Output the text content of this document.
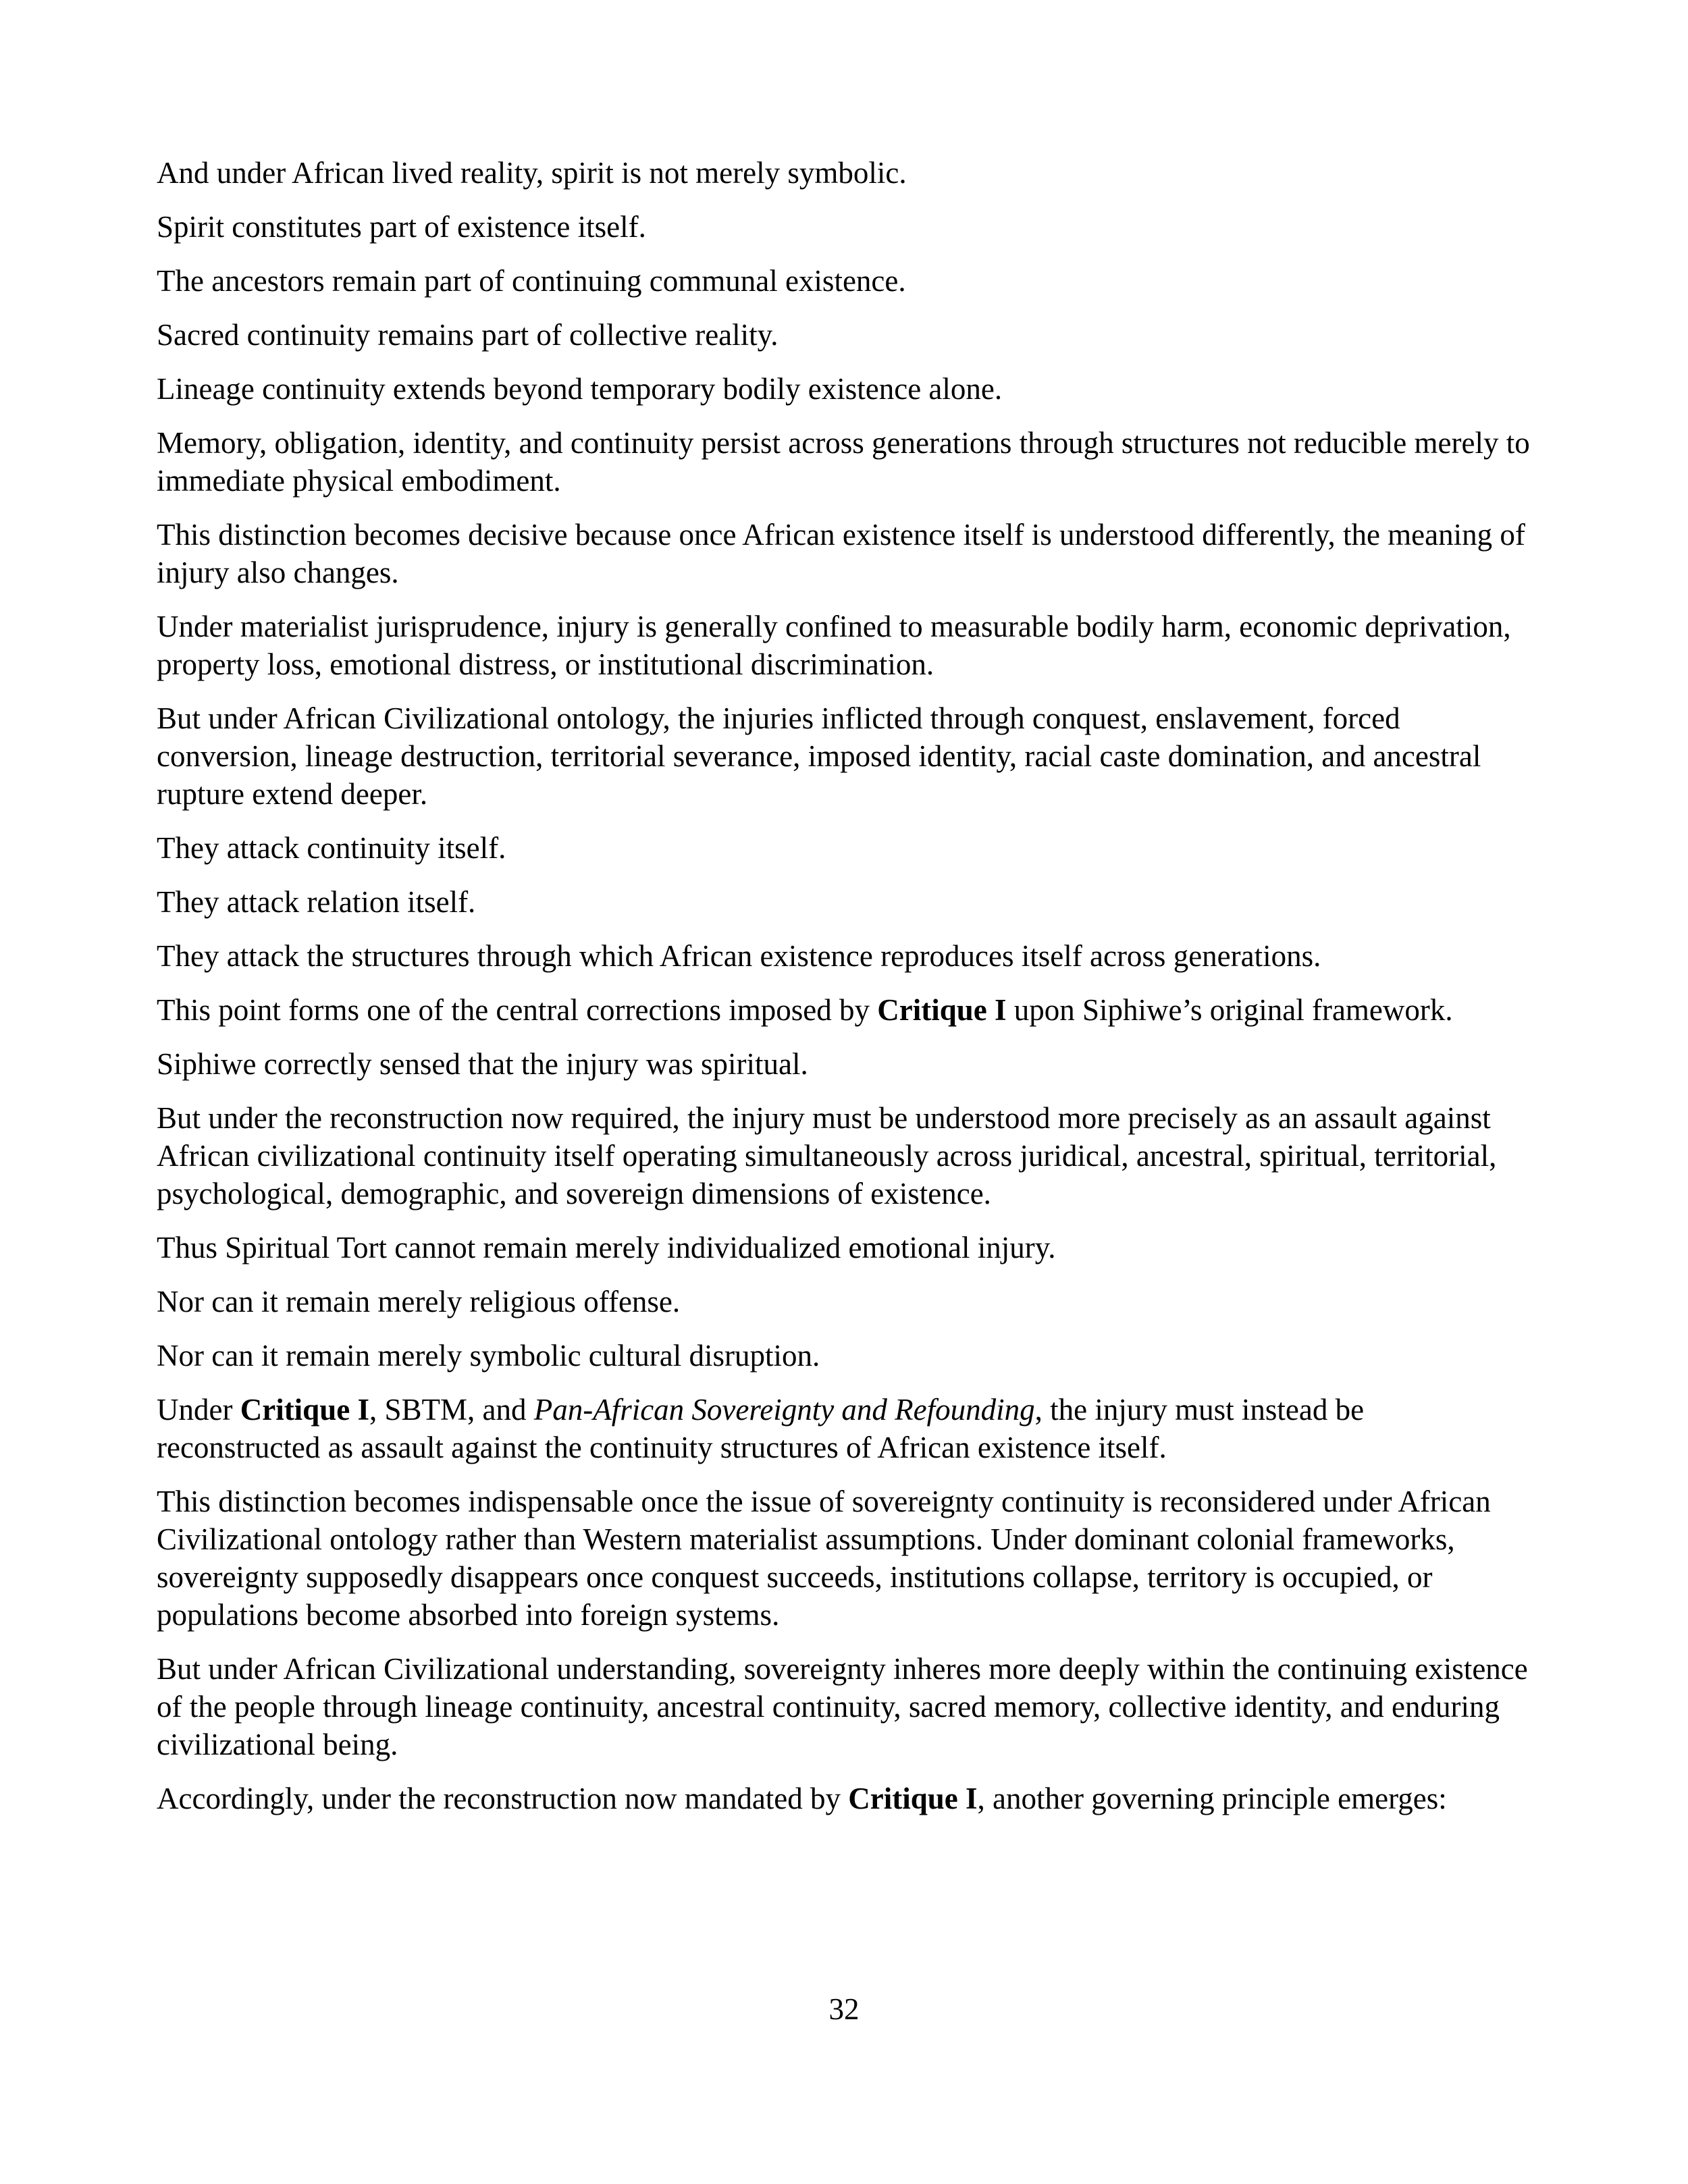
And under African lived reality, spirit is not merely symbolic.

Spirit constitutes part of existence itself.

The ancestors remain part of continuing communal existence.

Sacred continuity remains part of collective reality.

Lineage continuity extends beyond temporary bodily existence alone.

Memory, obligation, identity, and continuity persist across generations through structures not reducible merely to immediate physical embodiment.

This distinction becomes decisive because once African existence itself is understood differently, the meaning of injury also changes.

Under materialist jurisprudence, injury is generally confined to measurable bodily harm, economic deprivation, property loss, emotional distress, or institutional discrimination.

But under African Civilizational ontology, the injuries inflicted through conquest, enslavement, forced conversion, lineage destruction, territorial severance, imposed identity, racial caste domination, and ancestral rupture extend deeper.

They attack continuity itself.

They attack relation itself.

They attack the structures through which African existence reproduces itself across generations.

This point forms one of the central corrections imposed by Critique I upon Siphiwe’s original framework.

Siphiwe correctly sensed that the injury was spiritual.

But under the reconstruction now required, the injury must be understood more precisely as an assault against African civilizational continuity itself operating simultaneously across juridical, ancestral, spiritual, territorial, psychological, demographic, and sovereign dimensions of existence.

Thus Spiritual Tort cannot remain merely individualized emotional injury.

Nor can it remain merely religious offense.

Nor can it remain merely symbolic cultural disruption.

Under Critique I, SBTM, and Pan-African Sovereignty and Refounding, the injury must instead be reconstructed as assault against the continuity structures of African existence itself.

This distinction becomes indispensable once the issue of sovereignty continuity is reconsidered under African Civilizational ontology rather than Western materialist assumptions. Under dominant colonial frameworks, sovereignty supposedly disappears once conquest succeeds, institutions collapse, territory is occupied, or populations become absorbed into foreign systems.

But under African Civilizational understanding, sovereignty inheres more deeply within the continuing existence of the people through lineage continuity, ancestral continuity, sacred memory, collective identity, and enduring civilizational being.

Accordingly, under the reconstruction now mandated by Critique I, another governing principle emerges:

32
